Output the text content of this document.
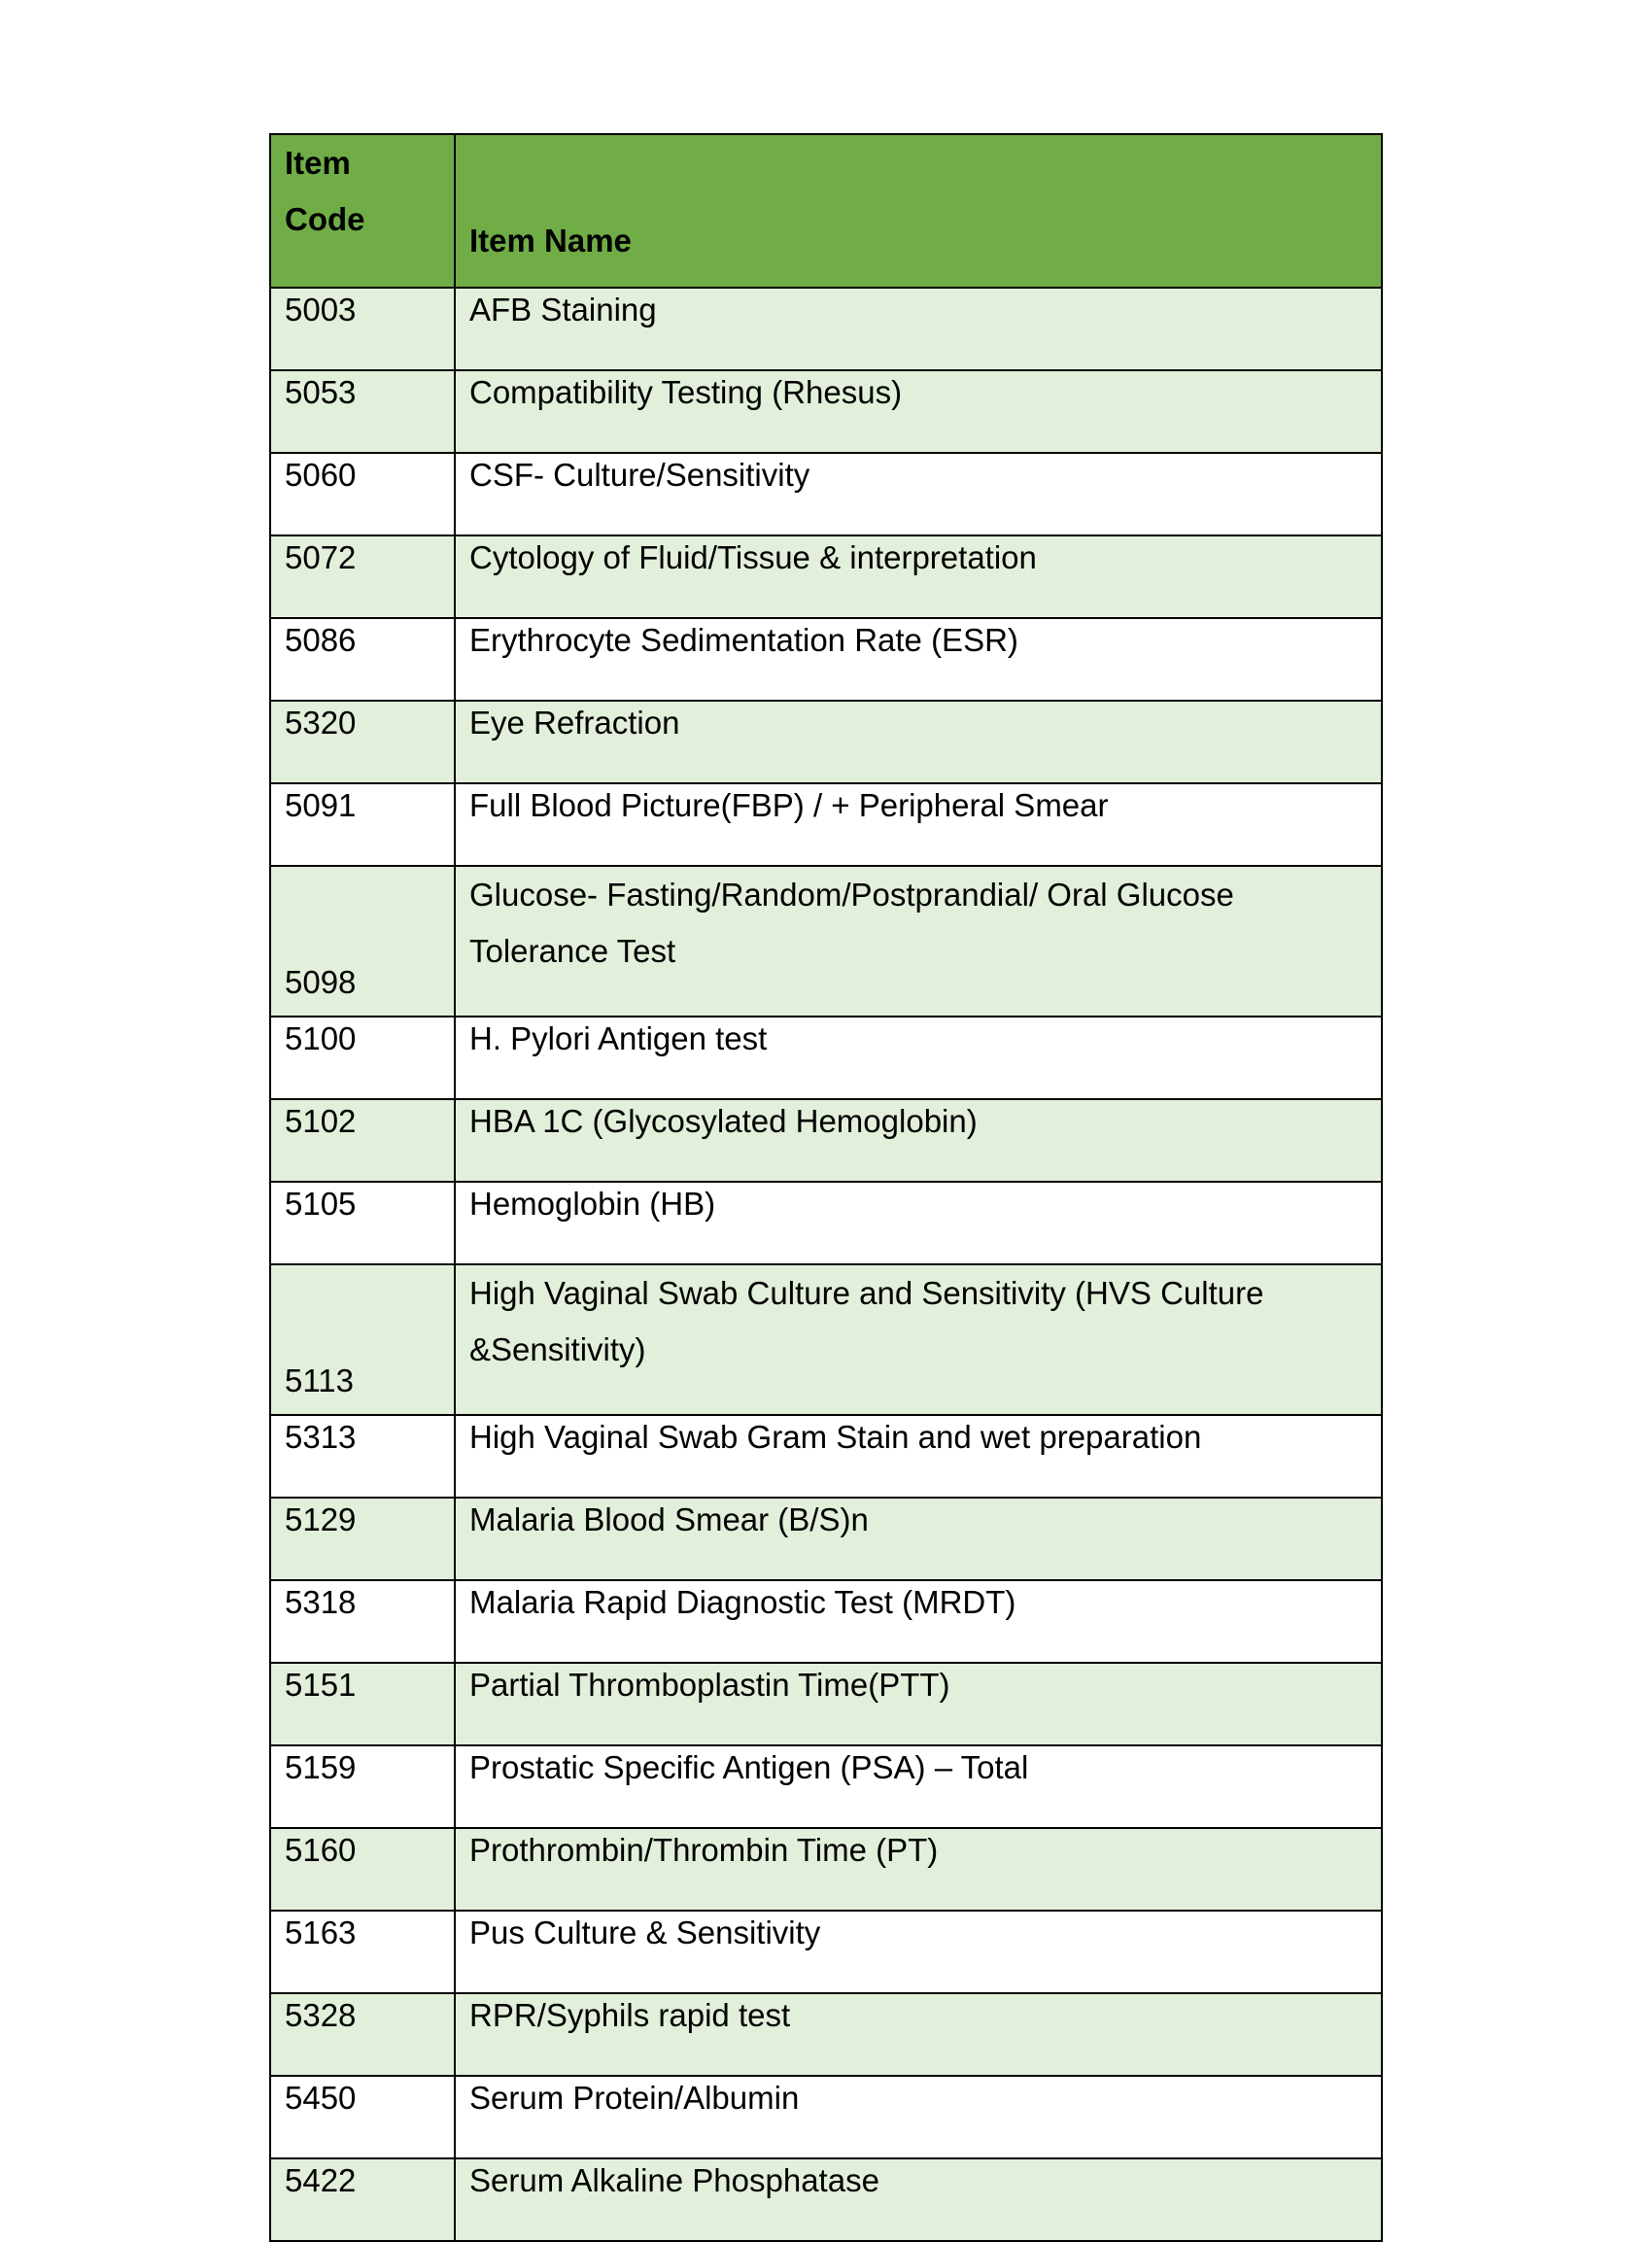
Item
Code	Item Name
5003	AFB Staining
5053	Compatibility Testing (Rhesus)
5060	CSF- Culture/Sensitivity
5072	Cytology of Fluid/Tissue & interpretation
5086	Erythrocyte Sedimentation Rate (ESR)
5320	Eye Refraction
5091	Full Blood Picture(FBP) / + Peripheral Smear
5098	Glucose- Fasting/Random/Postprandial/ Oral Glucose Tolerance Test
5100	H. Pylori Antigen test
5102	HBA 1C (Glycosylated Hemoglobin)
5105	Hemoglobin (HB)
5113	High Vaginal Swab Culture and Sensitivity (HVS Culture &Sensitivity)
5313	High Vaginal Swab Gram Stain and wet preparation
5129	Malaria Blood Smear (B/S)n
5318	Malaria Rapid Diagnostic Test (MRDT)
5151	Partial Thromboplastin Time(PTT)
5159	Prostatic Specific Antigen (PSA) – Total
5160	Prothrombin/Thrombin Time (PT)
5163	Pus Culture & Sensitivity
5328	RPR/Syphils rapid test
5450	Serum Protein/Albumin
5422	Serum Alkaline Phosphatase
